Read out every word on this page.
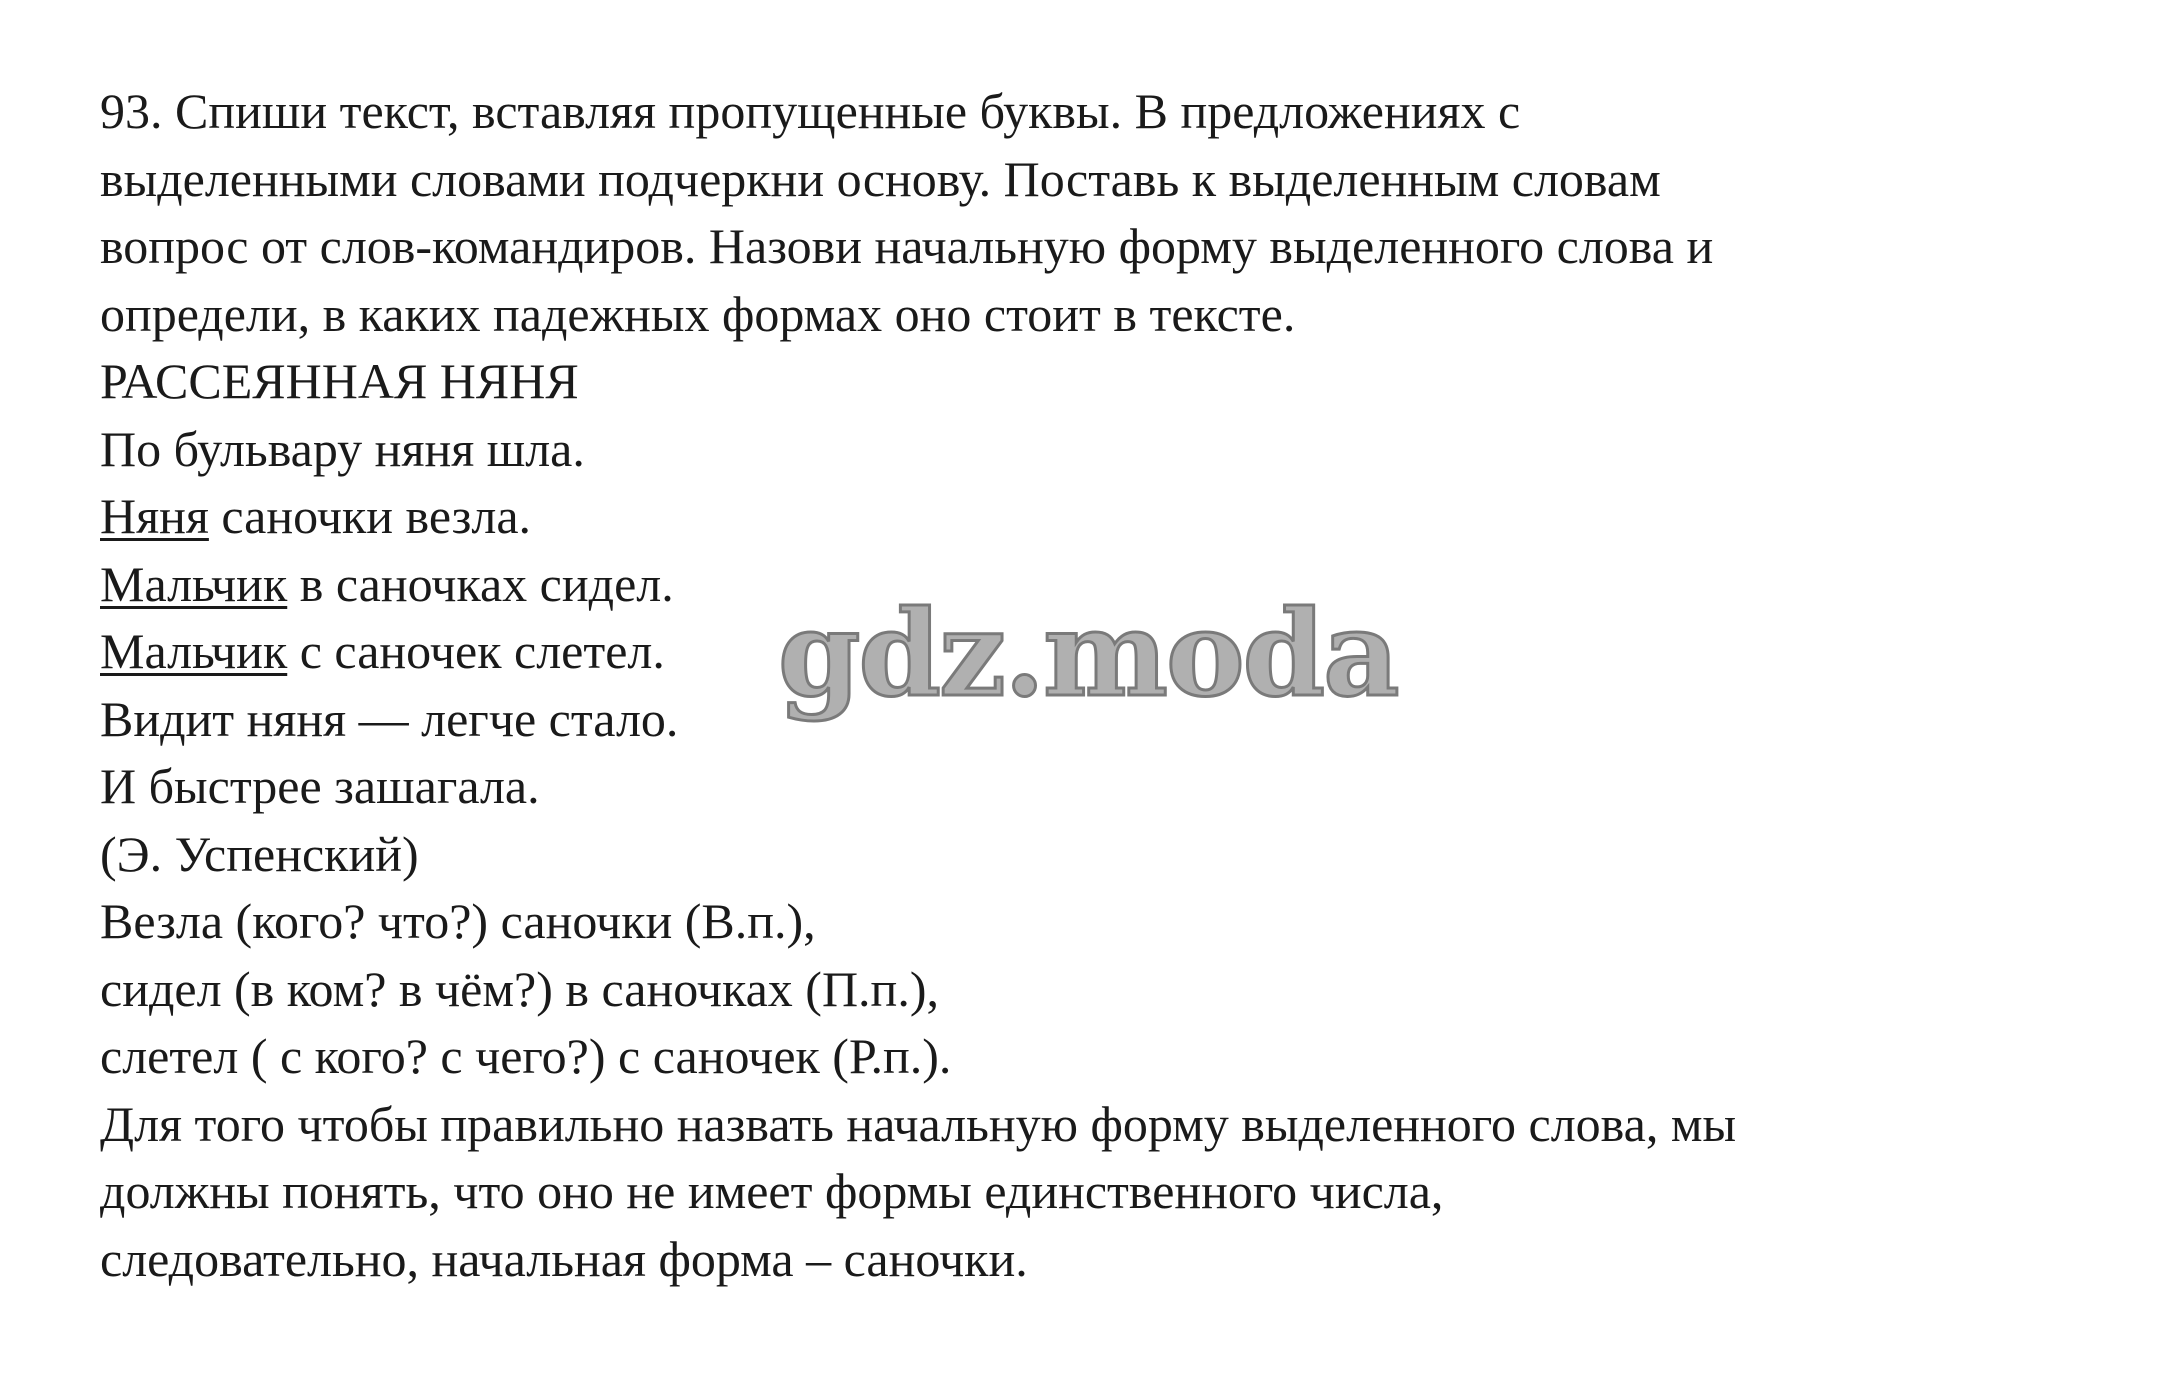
93. Спиши текст, вставляя пропущенные буквы. В предложениях с
выделенными словами подчеркни основу. Поставь к выделенным словам
вопрос от слов-командиров. Назови начальную форму выделенного слова и
определи, в каких падежных формах оно стоит в тексте.
РАССЕЯННАЯ НЯНЯ
По бульвару няня шла.
Няня саночки везла.
Мальчик в саночках сидел.
Мальчик с саночек слетел.
Видит няня — легче стало.
И быстрее зашагала.
(Э. Успенский)
Везла (кого? что?) саночки (В.п.),
сидел (в ком? в чём?) в саночках (П.п.),
слетел ( с кого? с чего?) с саночек (Р.п.).
Для того чтобы правильно назвать начальную форму выделенного слова, мы
должны понять, что оно не имеет формы единственного числа,
следовательно, начальная форма – саночки.
gdz.moda
